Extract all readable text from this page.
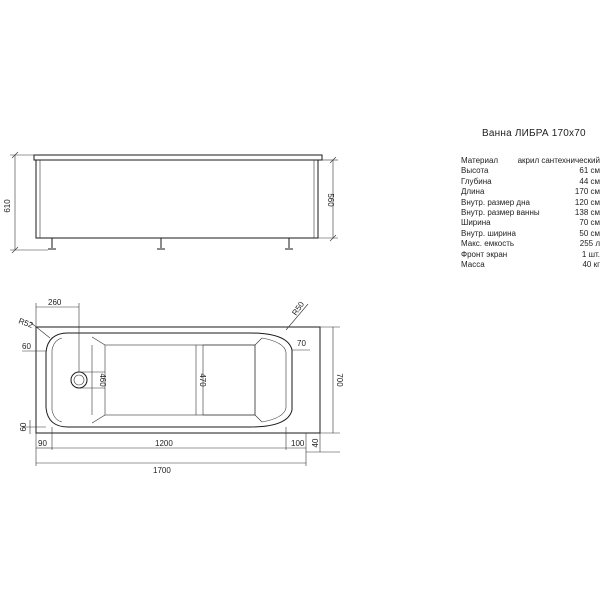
610	560
260
R52
R50
60	70
460	470	700
60
90	1200	100 40
1700
Ванна ЛИБРА 170х70
Материал акрил сантехнический
Высота	61 см
Глубина	44 см
Длина	170 см
Внутр. размер дна	120 см
Внутр. размер ванны	138 см
Ширина	70 см
Внутр. ширина	50 см
Макс. емкость	255 л
Фронт экран	1 шт.
Масса	40 кг
